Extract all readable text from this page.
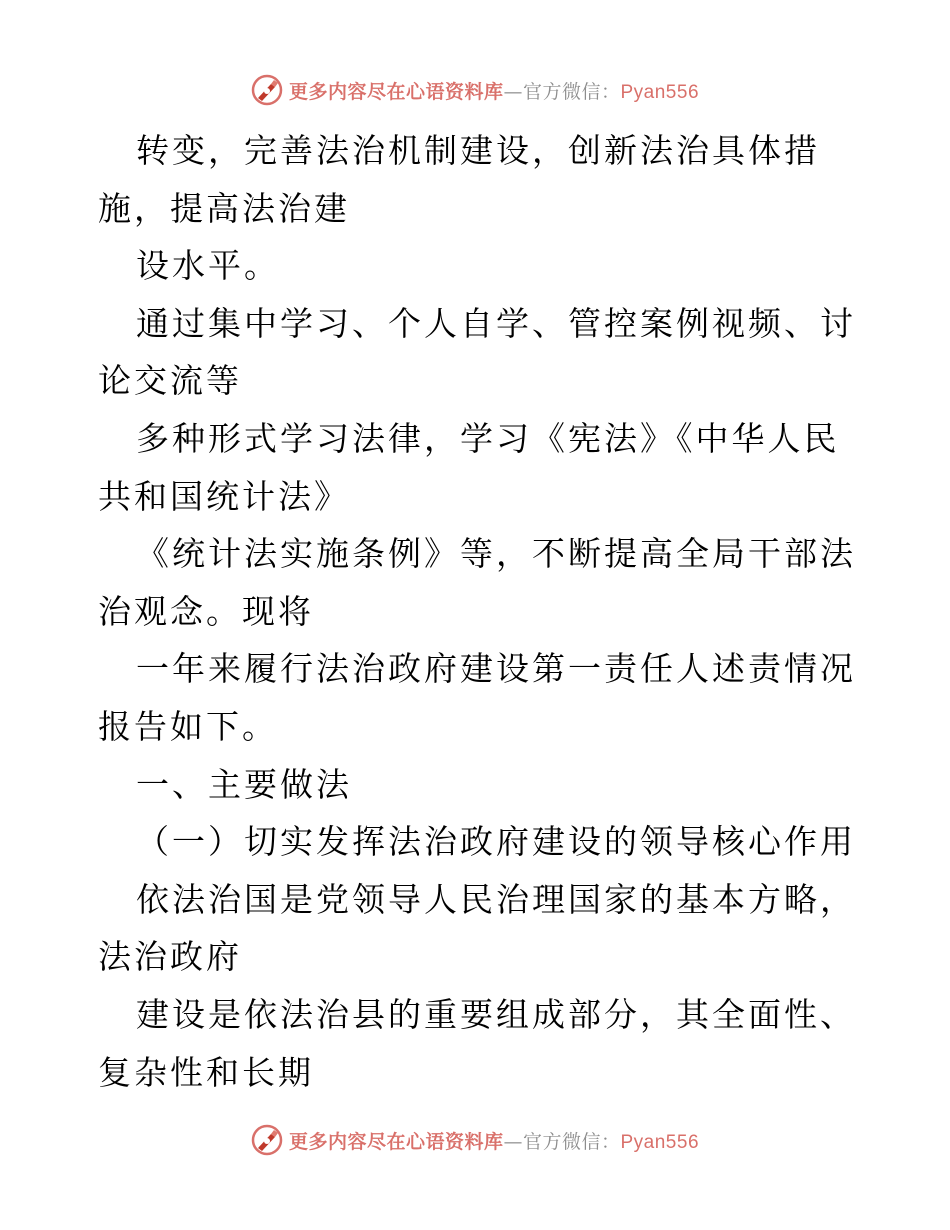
更多内容尽在心语资料库—官方微信：Pyan556

转变，完善法治机制建设，创新法治具体措施，提高法治建

设水平。

通过集中学习、个人自学、管控案例视频、讨论交流等

多种形式学习法律，学习《宪法》《中华人民共和国统计法》

《统计法实施条例》等，不断提高全局干部法治观念。现将

一年来履行法治政府建设第一责任人述责情况报告如下。

一、主要做法

（一）切实发挥法治政府建设的领导核心作用

依法治国是党领导人民治理国家的基本方略，法治政府

建设是依法治县的重要组成部分，其全面性、复杂性和长期

更多内容尽在心语资料库—官方微信：Pyan556
